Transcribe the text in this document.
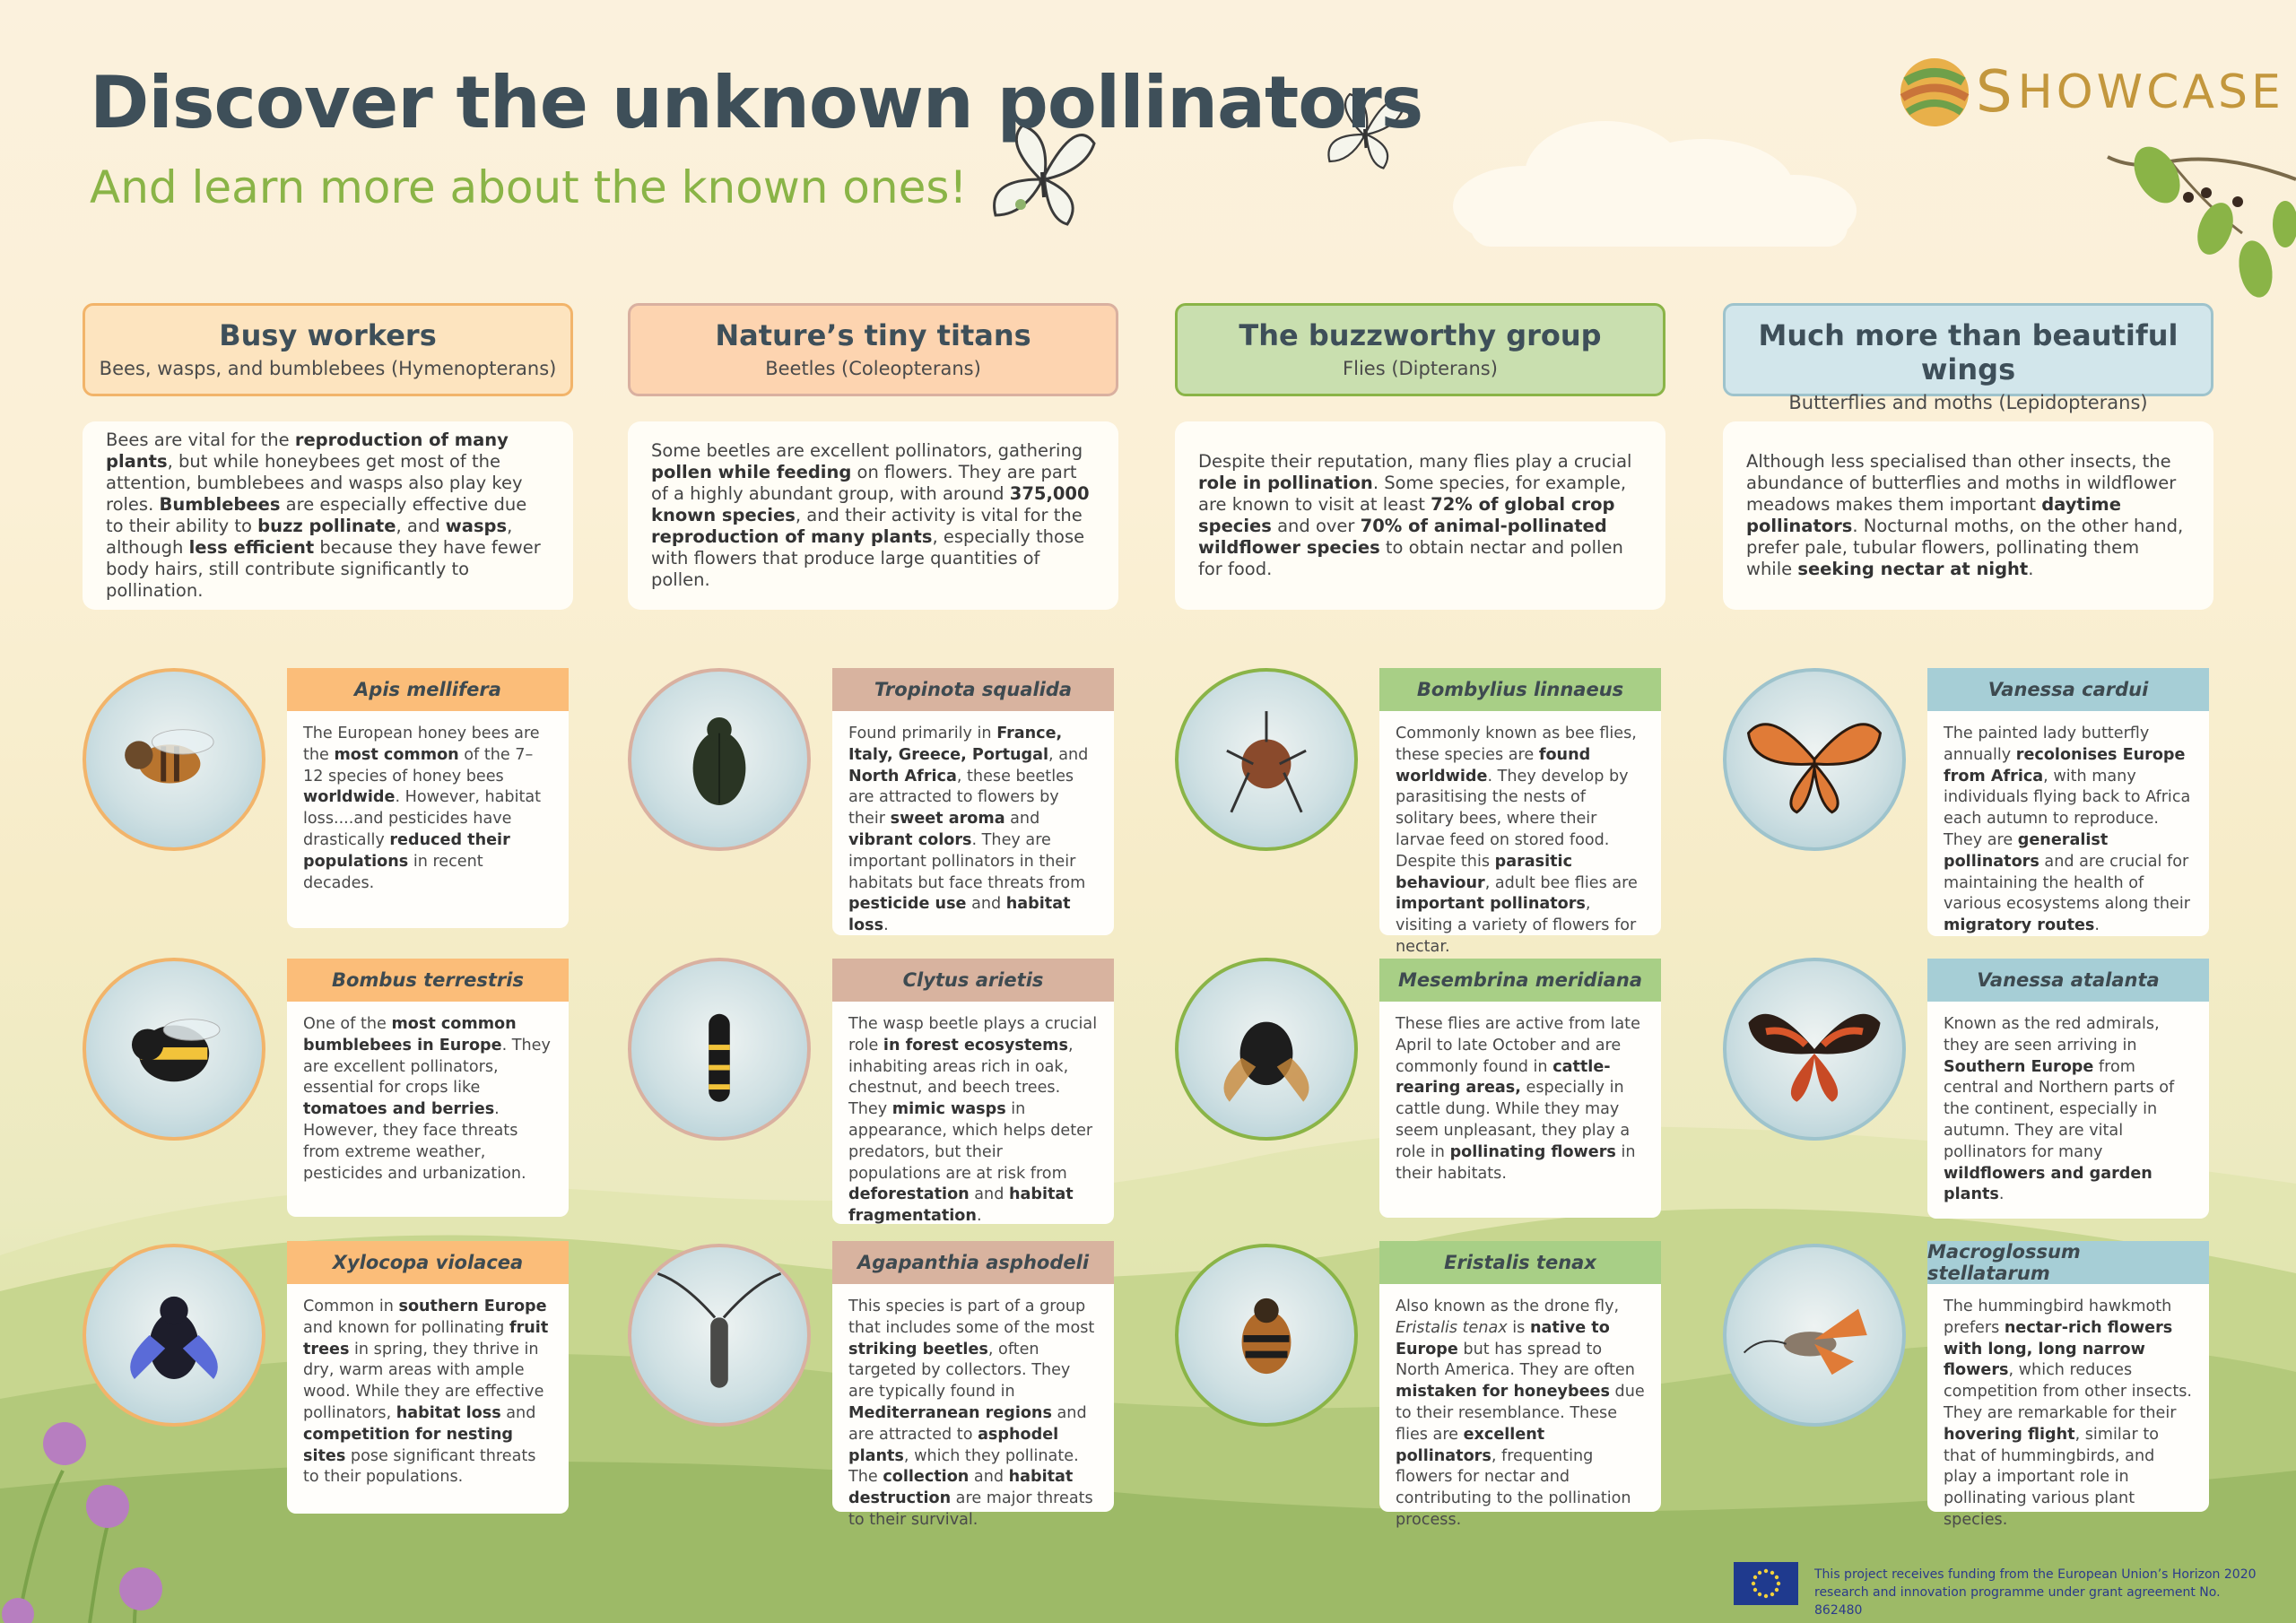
Discover the unknown pollinators
And learn more about the known ones!
S HOWCASE
Busy workers
Bees, wasps, and bumblebees (Hymenopterans)

Bees are vital for the reproduction of many plants, but while honeybees get most of the attention, bumblebees and wasps also play key roles. Bumblebees are especially effective due to their ability to buzz pollinate, and wasps, although less efficient because they have fewer body hairs, still contribute significantly to pollination.

Apis mellifera
The European honey bees are the most common of the 7–12 species of honey bees worldwide. However, habitat loss....and pesticides have drastically reduced their populations in recent decades.
Bombus terrestris
One of the most common bumblebees in Europe. They are excellent pollinators, essential for crops like tomatoes and berries. However, they face threats from extreme weather, pesticides and urbanization.
Xylocopa violacea
Common in southern Europe and known for pollinating fruit trees in spring, they thrive in dry, warm areas with ample wood. While they are effective pollinators, habitat loss and competition for nesting sites pose significant threats to their populations.
Nature’s tiny titans
Beetles (Coleopterans)

Some beetles are excellent pollinators, gathering pollen while feeding on flowers. They are part of a highly abundant group, with around 375,000 known species, and their activity is vital for the reproduction of many plants, especially those with flowers that produce large quantities of pollen.

Tropinota squalida
Found primarily in France, Italy, Greece, Portugal, and North Africa, these beetles are attracted to flowers by their sweet aroma and vibrant colors. They are important pollinators in their habitats but face threats from pesticide use and habitat loss.
Clytus arietis
The wasp beetle plays a crucial role in forest ecosystems, inhabiting areas rich in oak, chestnut, and beech trees. They mimic wasps in appearance, which helps deter predators, but their populations are at risk from deforestation and habitat fragmentation.
Agapanthia asphodeli
This species is part of a group that includes some of the most striking beetles, often targeted by collectors. They are typically found in Mediterranean regions and are attracted to asphodel plants, which they pollinate. The collection and habitat destruction are major threats to their survival.
The buzzworthy group
Flies (Dipterans)

Despite their reputation, many flies play a crucial role in pollination. Some species, for example, are known to visit at least 72% of global crop species and over 70% of animal-pollinated wildflower species to obtain nectar and pollen for food.

Bombylius linnaeus
Commonly known as bee flies, these species are found worldwide. They develop by parasitising the nests of solitary bees, where their larvae feed on stored food. Despite this parasitic behaviour, adult bee flies are important pollinators, visiting a variety of flowers for nectar.
Mesembrina meridiana
These flies are active from late April to late October and are commonly found in cattle-rearing areas, especially in cattle dung. While they may seem unpleasant, they play a role in pollinating flowers in their habitats.
Eristalis tenax
Also known as the drone fly, Eristalis tenax is native to Europe but has spread to North America. They are often mistaken for honeybees due to their resemblance. These flies are excellent pollinators, frequenting flowers for nectar and contributing to the pollination process.
Much more than beautiful wings
Butterflies and moths (Lepidopterans)

Although less specialised than other insects, the abundance of butterflies and moths in wildflower meadows makes them important daytime pollinators. Nocturnal moths, on the other hand, prefer pale, tubular flowers, pollinating them while seeking nectar at night.

Vanessa cardui
The painted lady butterfly annually recolonises Europe from Africa, with many individuals flying back to Africa each autumn to reproduce. They are generalist pollinators and are crucial for maintaining the health of various ecosystems along their migratory routes.
Vanessa atalanta
Known as the red admirals, they are seen arriving in Southern Europe from central and Northern parts of the continent, especially in autumn. They are vital pollinators for many wildflowers and garden plants.
Macroglossum stellatarum
The hummingbird hawkmoth prefers nectar-rich flowers with long, long narrow flowers, which reduces competition from other insects. They are remarkable for their hovering flight, similar to that of hummingbirds, and play a important role in pollinating various plant species.
This project receives funding from the European Union’s Horizon 2020 research and innovation programme under grant agreement No. 862480
